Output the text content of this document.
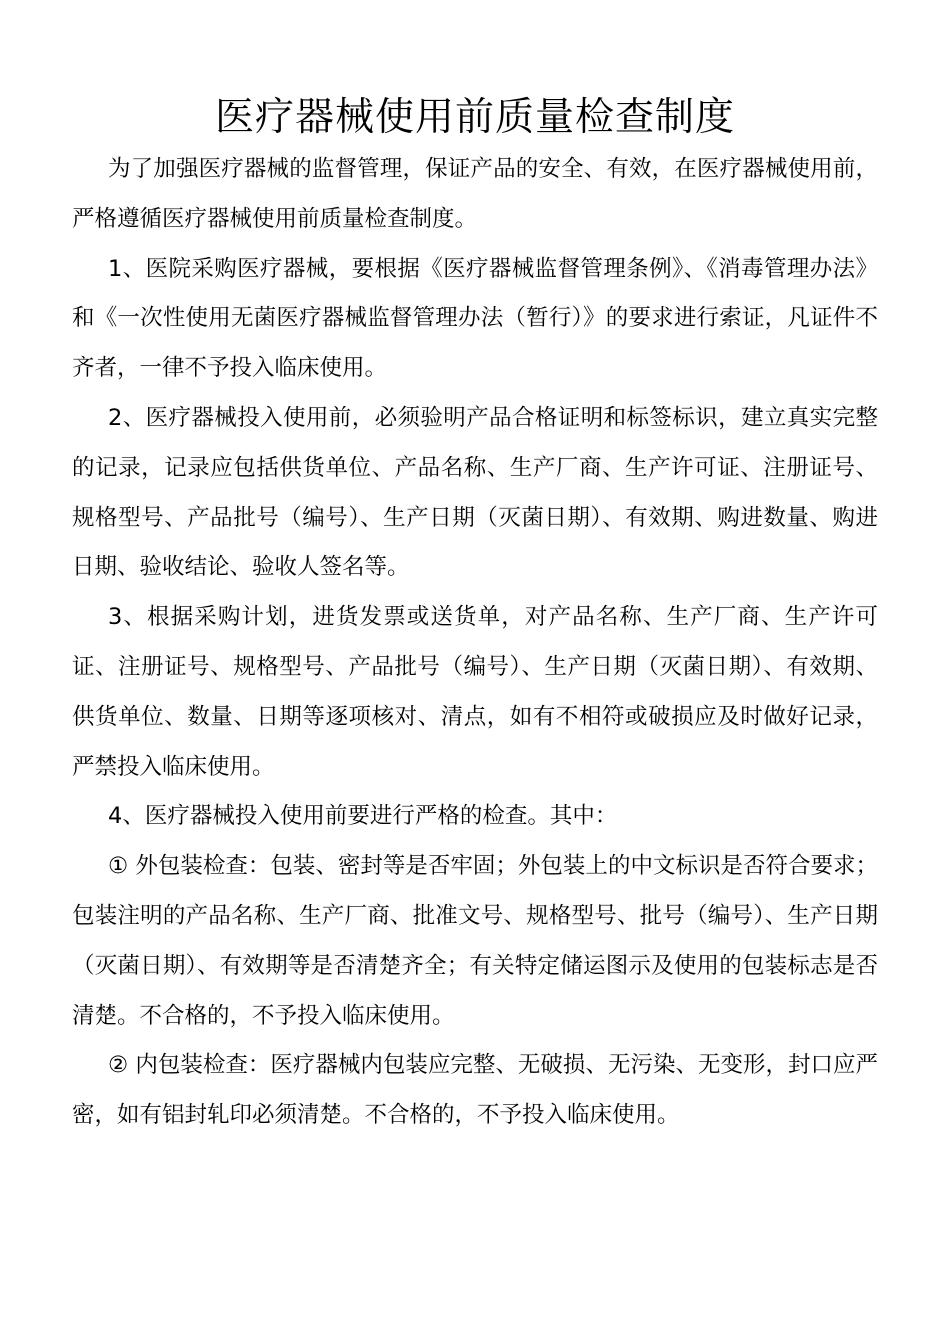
医疗器械使用前质量检查制度

为了加强医疗器械的监督管理，保证产品的安全、有效，在医疗器械使用前，严格遵循医疗器械使用前质量检查制度。

1、医院采购医疗器械，要根据《医疗器械监督管理条例》、《消毒管理办法》和《一次性使用无菌医疗器械监督管理办法（暂行）》的要求进行索证，凡证件不齐者，一律不予投入临床使用。

2、医疗器械投入使用前，必须验明产品合格证明和标签标识，建立真实完整的记录，记录应包括供货单位、产品名称、生产厂商、生产许可证、注册证号、规格型号、产品批号（编号）、生产日期（灭菌日期）、有效期、购进数量、购进日期、验收结论、验收人签名等。

3、根据采购计划，进货发票或送货单，对产品名称、生产厂商、生产许可证、注册证号、规格型号、产品批号（编号）、生产日期（灭菌日期）、有效期、供货单位、数量、日期等逐项核对、清点，如有不相符或破损应及时做好记录，严禁投入临床使用。

4、医疗器械投入使用前要进行严格的检查。其中：

① 外包装检查：包装、密封等是否牢固；外包装上的中文标识是否符合要求；包装注明的产品名称、生产厂商、批准文号、规格型号、批号（编号）、生产日期（灭菌日期）、有效期等是否清楚齐全；有关特定储运图示及使用的包装标志是否清楚。不合格的，不予投入临床使用。

② 内包装检查：医疗器械内包装应完整、无破损、无污染、无变形，封口应严密，如有铝封轧印必须清楚。不合格的，不予投入临床使用。
